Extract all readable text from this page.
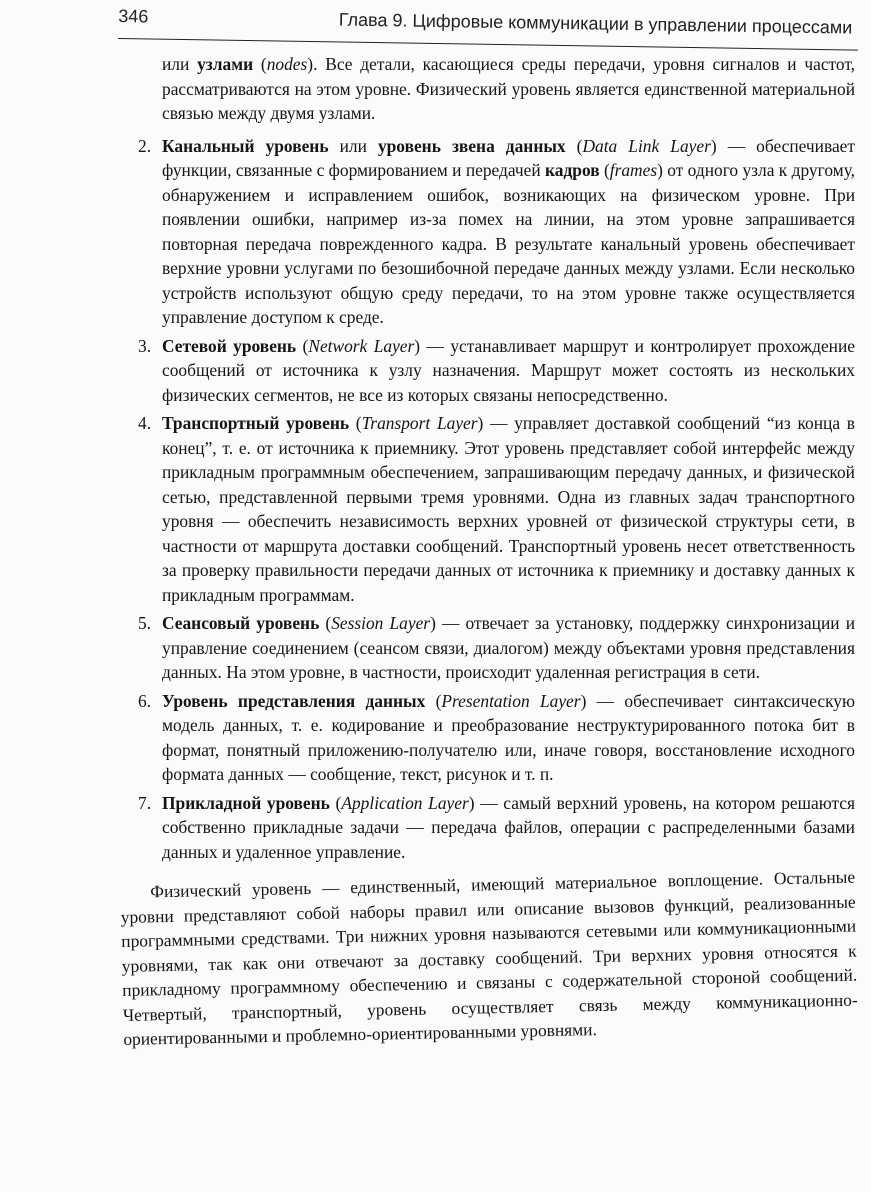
346	Глава 9. Цифровые коммуникации в управлении процессами
или узлами (nodes). Все детали, касающиеся среды передачи, уровня сигналов и частот, рассматриваются на этом уровне. Физический уровень является единственной материальной связью между двумя узлами.
2. Канальный уровень или уровень звена данных (Data Link Layer) — обеспечивает функции, связанные с формированием и передачей кадров (frames) от одного узла к другому, обнаружением и исправлением ошибок, возникающих на физическом уровне. При появлении ошибки, например из-за помех на линии, на этом уровне запрашивается повторная передача поврежденного кадра. В результате канальный уровень обеспечивает верхние уровни услугами по безошибочной передаче данных между узлами. Если несколько устройств используют общую среду передачи, то на этом уровне также осуществляется управление доступом к среде.
3. Сетевой уровень (Network Layer) — устанавливает маршрут и контролирует прохождение сообщений от источника к узлу назначения. Маршрут может состоять из нескольких физических сегментов, не все из которых связаны непосредственно.
4. Транспортный уровень (Transport Layer) — управляет доставкой сообщений “из конца в конец”, т. е. от источника к приемнику. Этот уровень представляет собой интерфейс между прикладным программным обеспечением, запрашивающим передачу данных, и физической сетью, представленной первыми тремя уровнями. Одна из главных задач транспортного уровня — обеспечить независимость верхних уровней от физической структуры сети, в частности от маршрута доставки сообщений. Транспортный уровень несет ответственность за проверку правильности передачи данных от источника к приемнику и доставку данных к прикладным программам.
5. Сеансовый уровень (Session Layer) — отвечает за установку, поддержку синхронизации и управление соединением (сеансом связи, диалогом) между объектами уровня представления данных. На этом уровне, в частности, происходит удаленная регистрация в сети.
6. Уровень представления данных (Presentation Layer) — обеспечивает синтаксическую модель данных, т. е. кодирование и преобразование неструктурированного потока бит в формат, понятный приложению-получателю или, иначе говоря, восстановление исходного формата данных — сообщение, текст, рисунок и т. п.
7. Прикладной уровень (Application Layer) — самый верхний уровень, на котором решаются собственно прикладные задачи — передача файлов, операции с распределенными базами данных и удаленное управление.

Физический уровень — единственный, имеющий материальное воплощение. Остальные уровни представляют собой наборы правил или описание вызовов функций, реализованные программными средствами. Три нижних уровня называются сетевыми или коммуникационными уровнями, так как они отвечают за доставку сообщений. Три верхних уровня относятся к прикладному программному обеспечению и связаны с содержательной стороной сообщений. Четвертый, транспортный, уровень осуществляет связь между коммуникационно-ориентированными и проблемно-ориентированными уровнями.
